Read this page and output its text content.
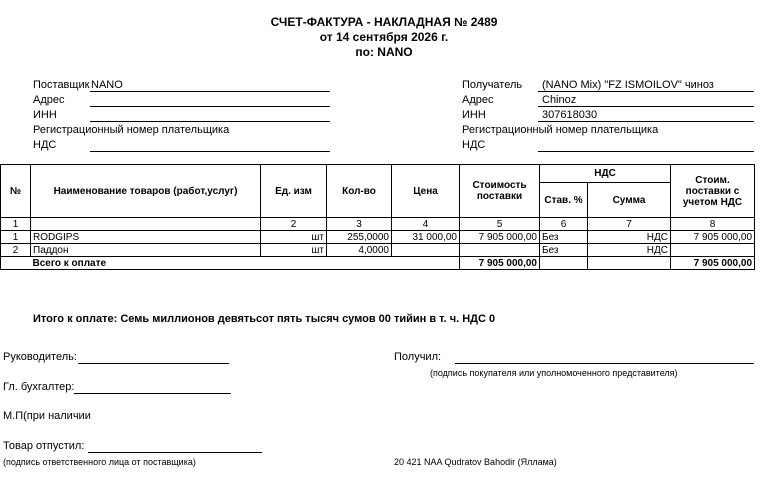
СЧЕТ-ФАКТУРА - НАКЛАДНАЯ № 2489
от 14 сентября 2026 г.
по: NANO
Поставщик NANO
Адрес
ИНН
Регистрационный номер плательщика
НДС
Получатель (NANO Mix) "FZ ISMOILOV" чиноз
Адрес	Chinoz
ИНН	307618030
Регистрационный номер плательщика
НДС
№	Наименование товаров (работ,услуг)	Ед. изм	Кол-во	Цена	Стоимость поставки	НДС		Стоим. поставки с учетом НДС
						Став. %	Сумма	
1		2	3	4	5	6	7	8
1	RODGIPS	шт	255,0000	31 000,00	7 905 000,00	Без	НДС	7 905 000,00
2	Паддон	шт	4,0000			Без	НДС	
	Всего к оплате				7 905 000,00			7 905 000,00
Итого к оплате: Семь миллионов девятьсот пять тысяч сумов 00 тийин в т. ч. НДС 0
Руководитель:
Гл. бухгалтер:
М.П(при наличии
Товар отпустил:
(подпись ответственного лица от поставщика)
Получил:
(подпись покупателя или уполномоченного представителя)
20 421 NAA Qudratov Bahodir (Яллама)
